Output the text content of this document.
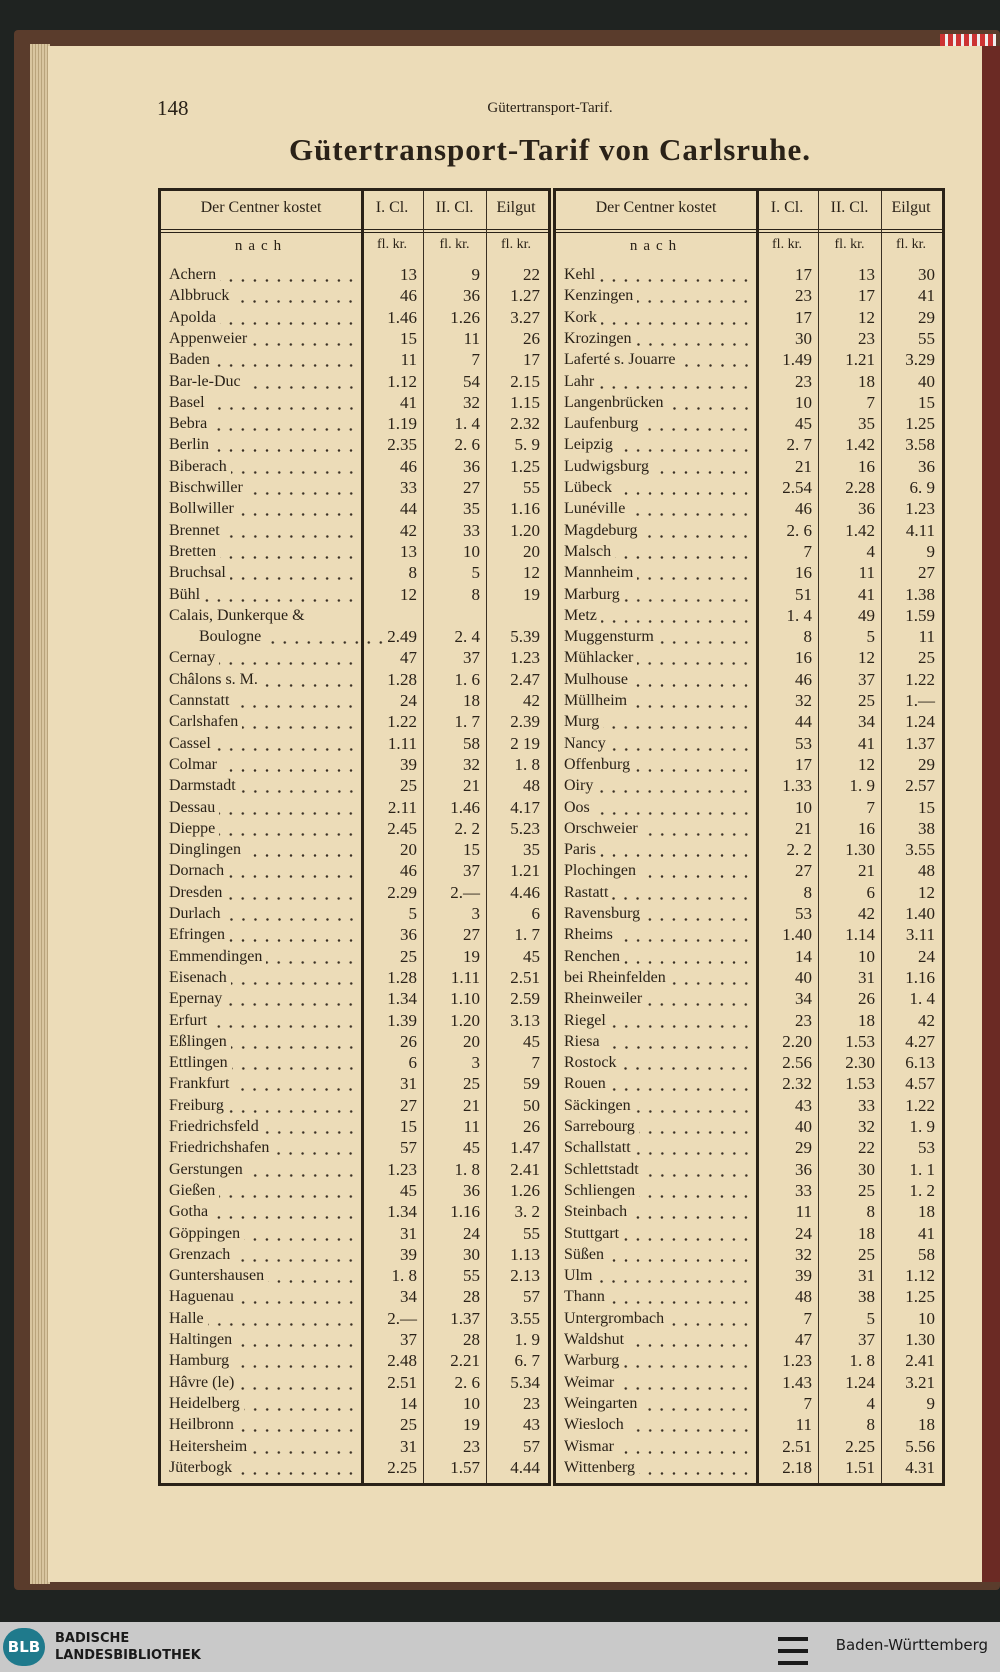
148	Gütertransport-Tarif.
Gütertransport-Tarif von Carlsruhe.
Der Centner kostet	I. Cl.	II. Cl.	Eilgut
nach	fl. kr.	fl. kr.	fl. kr.
Achern	13	9	22
Albbruck	46	36	1.27
Apolda	1.46	1.26	3.27
Appenweier	15	11	26
Baden	11	7	17
Bar-le-Duc	1.12	54	2.15
Basel	41	32	1.15
Bebra	1.19	1. 4	2.32
Berlin	2.35	2. 6	5. 9
Biberach	46	36	1.25
Bischwiller	33	27	55
Bollwiller	44	35	1.16
Brennet	42	33	1.20
Bretten	13	10	20
Bruchsal	8	5	12
Bühl	12	8	19
Calais, Dunkerque &
Boulogne	2.49	2. 4	5.39
Cernay	47	37	1.23
Châlons s. M.	1.28	1. 6	2.47
Cannstatt	24	18	42
Carlshafen	1.22	1. 7	2.39
Cassel	1.11	58	2 19
Colmar	39	32	1. 8
Darmstadt	25	21	48
Dessau	2.11	1.46	4.17
Dieppe	2.45	2. 2	5.23
Dinglingen	20	15	35
Dornach	46	37	1.21
Dresden	2.29	2.—	4.46
Durlach	5	3	6
Efringen	36	27	1. 7
Emmendingen	25	19	45
Eisenach	1.28	1.11	2.51
Epernay	1.34	1.10	2.59
Erfurt	1.39	1.20	3.13
Eßlingen	26	20	45
Ettlingen	6	3	7
Frankfurt	31	25	59
Freiburg	27	21	50
Friedrichsfeld	15	11	26
Friedrichshafen	57	45	1.47
Gerstungen	1.23	1. 8	2.41
Gießen	45	36	1.26
Gotha	1.34	1.16	3. 2
Göppingen	31	24	55
Grenzach	39	30	1.13
Guntershausen	1. 8	55	2.13
Haguenau	34	28	57
Halle	2.—	1.37	3.55
Haltingen	37	28	1. 9
Hamburg	2.48	2.21	6. 7
Hâvre (le)	2.51	2. 6	5.34
Heidelberg	14	10	23
Heilbronn	25	19	43
Heitersheim	31	23	57
Jüterbogk	2.25	1.57	4.44
Der Centner kostet	I. Cl.	II. Cl.	Eilgut
nach	fl. kr.	fl. kr.	fl. kr.
Kehl	17	13	30
Kenzingen	23	17	41
Kork	17	12	29
Krozingen	30	23	55
Laferté s. Jouarre	1.49	1.21	3.29
Lahr	23	18	40
Langenbrücken	10	7	15
Laufenburg	45	35	1.25
Leipzig	2. 7	1.42	3.58
Ludwigsburg	21	16	36
Lübeck	2.54	2.28	6. 9
Lunéville	46	36	1.23
Magdeburg	2. 6	1.42	4.11
Malsch	7	4	9
Mannheim	16	11	27
Marburg	51	41	1.38
Metz	1. 4	49	1.59
Muggensturm	8	5	11
Mühlacker	16	12	25
Mulhouse	46	37	1.22
Müllheim	32	25	1.—
Murg	44	34	1.24
Nancy	53	41	1.37
Offenburg	17	12	29
Oiry	1.33	1. 9	2.57
Oos	10	7	15
Orschweier	21	16	38
Paris	2. 2	1.30	3.55
Plochingen	27	21	48
Rastatt	8	6	12
Ravensburg	53	42	1.40
Rheims	1.40	1.14	3.11
Renchen	14	10	24
bei Rheinfelden	40	31	1.16
Rheinweiler	34	26	1. 4
Riegel	23	18	42
Riesa	2.20	1.53	4.27
Rostock	2.56	2.30	6.13
Rouen	2.32	1.53	4.57
Säckingen	43	33	1.22
Sarrebourg	40	32	1. 9
Schallstatt	29	22	53
Schlettstadt	36	30	1. 1
Schliengen	33	25	1. 2
Steinbach	11	8	18
Stuttgart	24	18	41
Süßen	32	25	58
Ulm	39	31	1.12
Thann	48	38	1.25
Untergrombach	7	5	10
Waldshut	47	37	1.30
Warburg	1.23	1. 8	2.41
Weimar	1.43	1.24	3.21
Weingarten	7	4	9
Wiesloch	11	8	18
Wismar	2.51	2.25	5.56
Wittenberg	2.18	1.51	4.31
BLB	BADISCHE
LANDESBIBLIOTHEK
Baden-Württemberg
